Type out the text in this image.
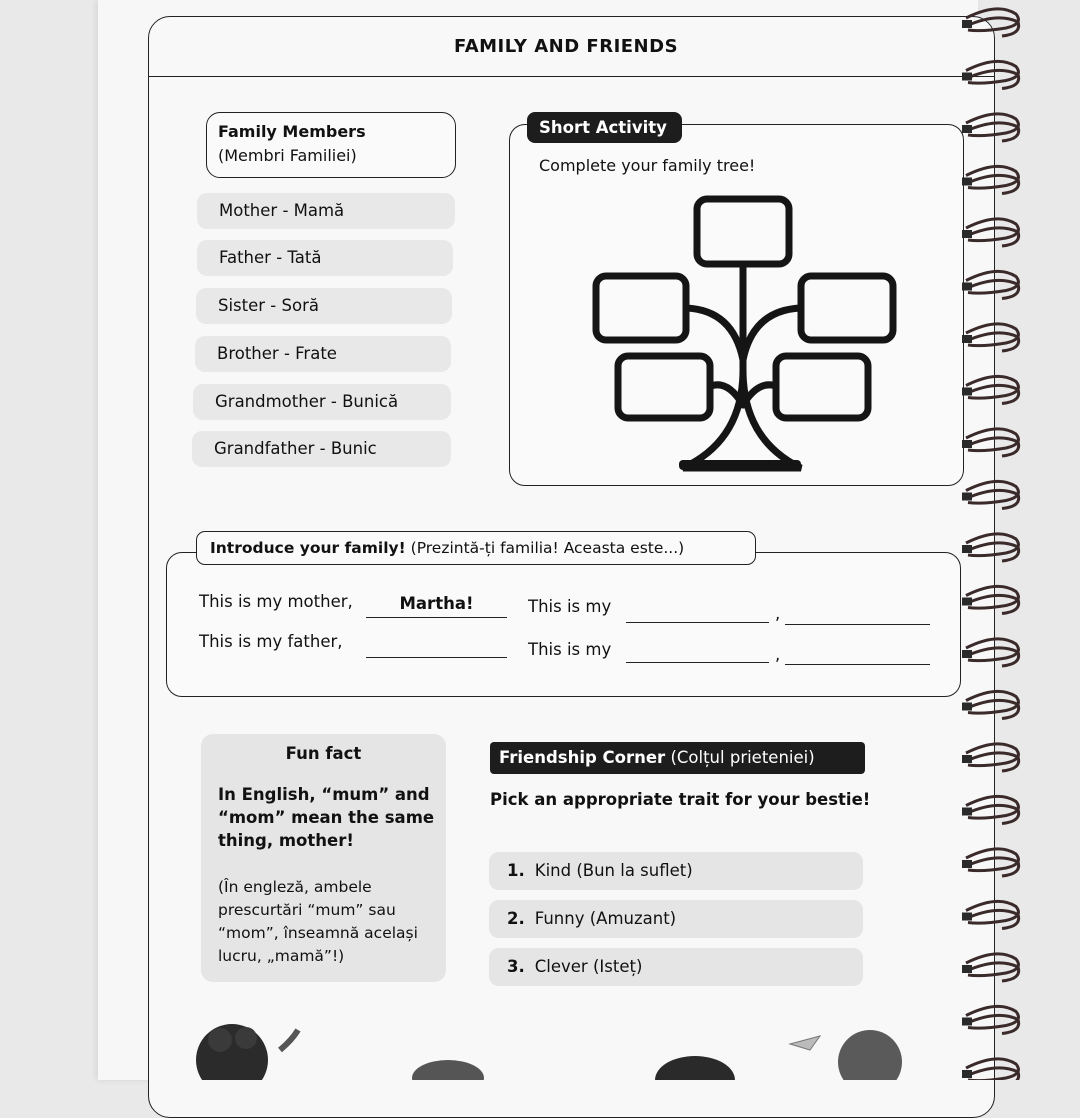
FAMILY AND FRIENDS
Family Members
(Membri Familiei)
Mother - Mamă
Father - Tată
Sister - Soră
Brother - Frate
Grandmother - Bunică
Grandfather - Bunic
Short Activity
Complete your family tree!
Introduce your family! (Prezintă-ți familia! Aceasta este...)
This is my mother,	Martha!
This is my father,
This is my	,
This is my	,
Fun fact
In English, “mum” and “mom” mean the same thing, mother!
(În engleză, ambele prescurtări “mum” sau “mom”, înseamnă același lucru, „mamă”!)
Friendship Corner (Colțul prieteniei)
Pick an appropriate trait for your bestie!
1. Kind (Bun la suflet)
2. Funny (Amuzant)
3. Clever (Isteț)
